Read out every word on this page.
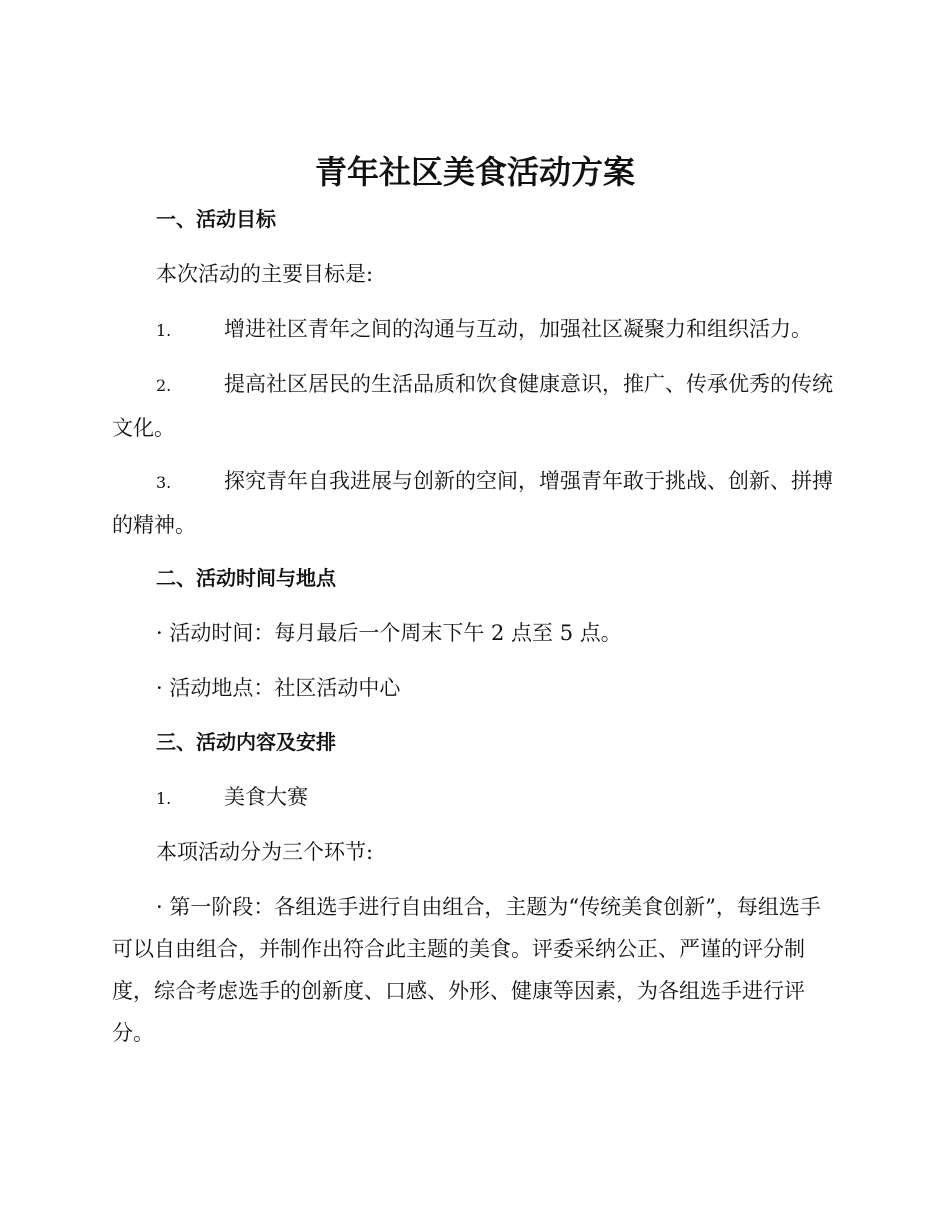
青年社区美食活动方案
一、活动目标
本次活动的主要目标是:
1.	增进社区青年之间的沟通与互动，加强社区凝聚力和组织活力。
2.	提高社区居民的生活品质和饮食健康意识，推广、传承优秀的传统文化。
3.	探究青年自我进展与创新的空间，增强青年敢于挑战、创新、拼搏的精神。
二、活动时间与地点
· 活动时间：每月最后一个周末下午 2 点至 5 点。
· 活动地点：社区活动中心
三、活动内容及安排
1.	美食大赛
本项活动分为三个环节:
· 第一阶段：各组选手进行自由组合，主题为“传统美食创新”，每组选手可以自由组合，并制作出符合此主题的美食。评委采纳公正、严谨的评分制度，综合考虑选手的创新度、口感、外形、健康等因素，为各组选手进行评分。
